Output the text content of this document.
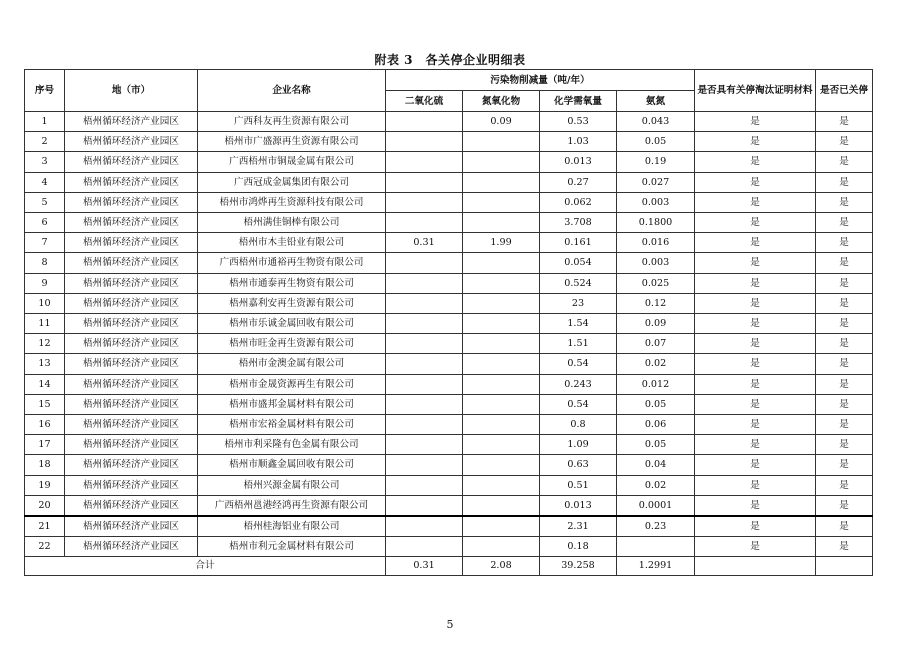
附表 3　各关停企业明细表
序号	地（市）	企业名称	污染物削减量（吨/年）				是否具有关停淘汰证明材料	是否已关停
			二氧化硫	氮氧化物	化学需氧量	氨氮		
1	梧州循环经济产业园区	广西科友再生资源有限公司		0.09	0.53	0.043	是	是
2	梧州循环经济产业园区	梧州市广盛源再生资源有限公司			1.03	0.05	是	是
3	梧州循环经济产业园区	广西梧州市铜晟金属有限公司			0.013	0.19	是	是
4	梧州循环经济产业园区	广西冠成金属集团有限公司			0.27	0.027	是	是
5	梧州循环经济产业园区	梧州市鸿烨再生资源科技有限公司			0.062	0.003	是	是
6	梧州循环经济产业园区	梧州满佳铜棒有限公司			3.708	0.1800	是	是
7	梧州循环经济产业园区	梧州市木圭铅业有限公司	0.31	1.99	0.161	0.016	是	是
8	梧州循环经济产业园区	广西梧州市通裕再生物资有限公司			0.054	0.003	是	是
9	梧州循环经济产业园区	梧州市通泰再生物资有限公司			0.524	0.025	是	是
10	梧州循环经济产业园区	梧州嘉利安再生资源有限公司			23	0.12	是	是
11	梧州循环经济产业园区	梧州市乐诚金属回收有限公司			1.54	0.09	是	是
12	梧州循环经济产业园区	梧州市旺金再生资源有限公司			1.51	0.07	是	是
13	梧州循环经济产业园区	梧州市金澳金属有限公司			0.54	0.02	是	是
14	梧州循环经济产业园区	梧州市金晟资源再生有限公司			0.243	0.012	是	是
15	梧州循环经济产业园区	梧州市盛邦金属材料有限公司			0.54	0.05	是	是
16	梧州循环经济产业园区	梧州市宏裕金属材料有限公司			0.8	0.06	是	是
17	梧州循环经济产业园区	梧州市利采隆有色金属有限公司			1.09	0.05	是	是
18	梧州循环经济产业园区	梧州市顺鑫金属回收有限公司			0.63	0.04	是	是
19	梧州循环经济产业园区	梧州兴源金属有限公司			0.51	0.02	是	是
20	梧州循环经济产业园区	广西梧州邕港经鸿再生资源有限公司			0.013	0.0001	是	是
21	梧州循环经济产业园区	梧州桂海铝业有限公司			2.31	0.23	是	是
22	梧州循环经济产业园区	梧州市利元金属材料有限公司			0.18		是	是
合计			0.31	2.08	39.258	1.2991		
5
